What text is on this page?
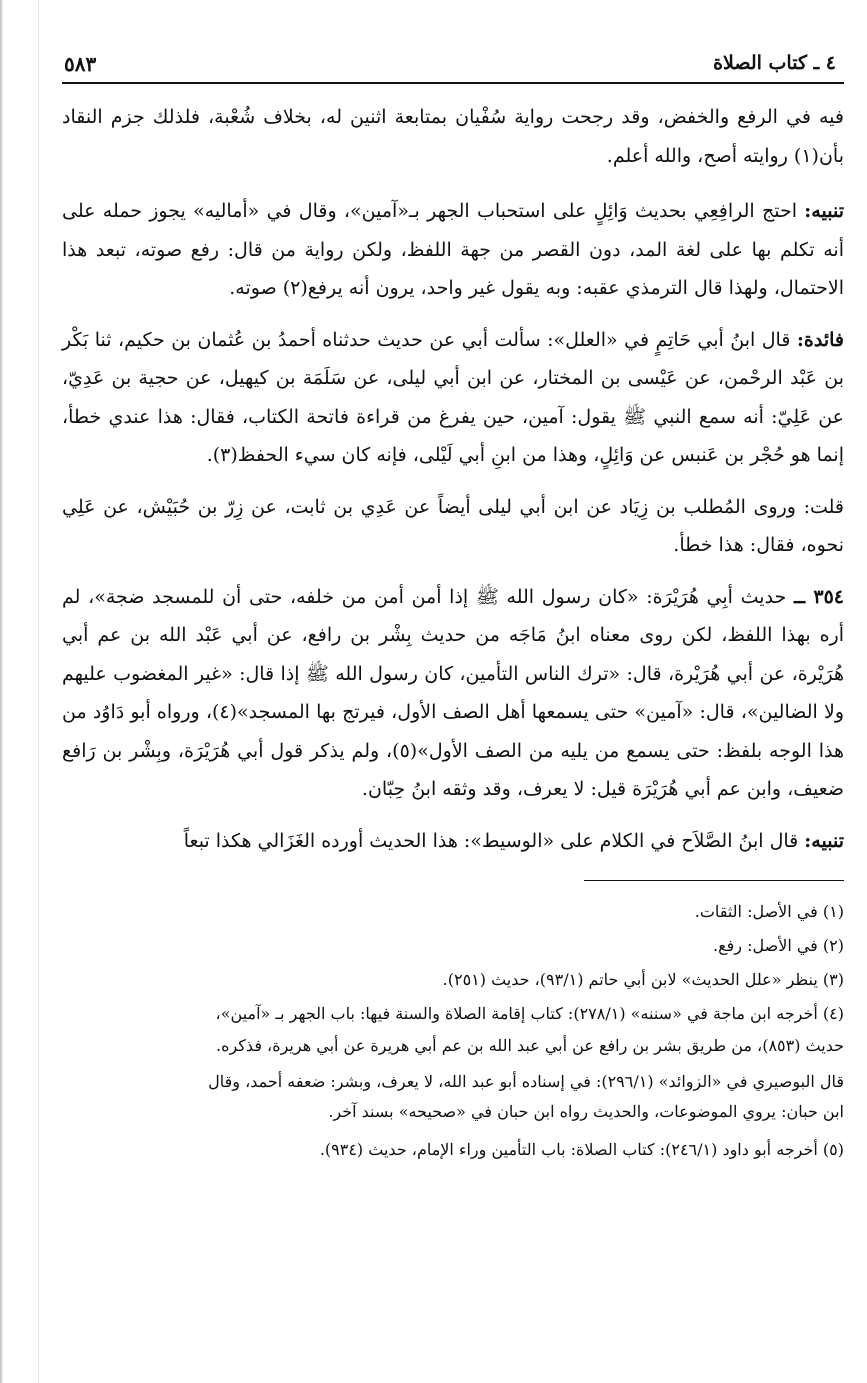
٤ ـ كتاب الصلاة
٥٨٣

فيه في الرفع والخفض، وقد رجحت رواية سُفْيان بمتابعة اثنين له، بخلاف شُعْبة، فلذلك جزم النقاد بأن(١) روايته أصح، والله أعلم.

تنبيه: احتج الرافِعِي بحديث وَائِلٍ على استحباب الجهر بـ«آمين»، وقال في «أماليه» يجوز حمله على أنه تكلم بها على لغة المد، دون القصر من جهة اللفظ، ولكن رواية من قال: رفع صوته، تبعد هذا الاحتمال، ولهذا قال الترمذي عقبه: وبه يقول غير واحد، يرون أنه يرفع(٢) صوته.

فائدة: قال ابنُ أبي حَاتِمٍ في «العلل»: سألت أبي عن حديث حدثناه أحمدُ بن عُثمان بن حكيم، ثنا بَكْر بن عَبْد الرحْمن، عن عَيْسى بن المختار، عن ابن أبي ليلى، عن سَلَمَة بن كيهيل، عن حجية بن عَدِيّ، عن عَلِيّ: أنه سمع النبي ﷺ يقول: آمين، حين يفرغ من قراءة فاتحة الكتاب، فقال: هذا عندي خطأ، إنما هو حُجْر بن عَنبس عن وَائِلٍ، وهذا من ابنِ أبي لَيْلى، فإنه كان سيء الحفظ(٣).

قلت: وروى المُطلب بن زِيَاد عن ابن أبي ليلى أيضاً عن عَدِي بن ثابت، عن زِرّ بن حُبَيْش، عن عَلِي نحوه، فقال: هذا خطأ.

٣٥٤ ــ حديث أبِي هُرَيْرَة: «كان رسول الله ﷺ إذا أمن أمن من خلفه، حتى أن للمسجد ضجة»، لم أره بهذا اللفظ، لكن روى معناه ابنُ مَاجَه من حديث بِشْر بن رافع، عن أبي عَبْد الله بن عم أبي هُرَيْرة، عن أبي هُرَيْرة، قال: «ترك الناس التأمين، كان رسول الله ﷺ إذا قال: «غير المغضوب عليهم ولا الضالين»، قال: «آمين» حتى يسمعها أهل الصف الأول، فيرتج بها المسجد»(٤)، ورواه أبو دَاوُد من هذا الوجه بلفظ: حتى يسمع من يليه من الصف الأول»(٥)، ولم يذكر قول أبي هُرَيْرَة، وبِشْر بن رَافع ضعيف، وابن عم أبي هُرَيْرَة قيل: لا يعرف، وقد وثقه ابنُ حِبّان.

تنبيه: قال ابنُ الصَّلاَح في الكلام على «الوسيط»: هذا الحديث أورده الغَزَالي هكذا تبعاً

(١) في الأصل: الثقات.

(٢) في الأصل: رفع.

(٣) ينظر «علل الحديث» لابن أبي حاتم (٩٣/١)، حديث (٢٥١).

(٤) أخرجه ابن ماجة في «سننه» (٢٧٨/١): كتاب إقامة الصلاة والسنة فيها: باب الجهر بـ «آمين»،

حديث (٨٥٣)، من طريق بشر بن رافع عن أبي عبد الله بن عم أبي هريرة عن أبي هريرة، فذكره.

قال البوصيري في «الزوائد» (٢٩٦/١): في إسناده أبو عبد الله، لا يعرف، وبشر: ضعفه أحمد، وقال

ابن حبان: يروي الموضوعات، والحديث رواه ابن حبان في «صحيحه» بسند آخر.

(٥) أخرجه أبو داود (٢٤٦/١): كتاب الصلاة: باب التأمين وراء الإمام، حديث (٩٣٤).
